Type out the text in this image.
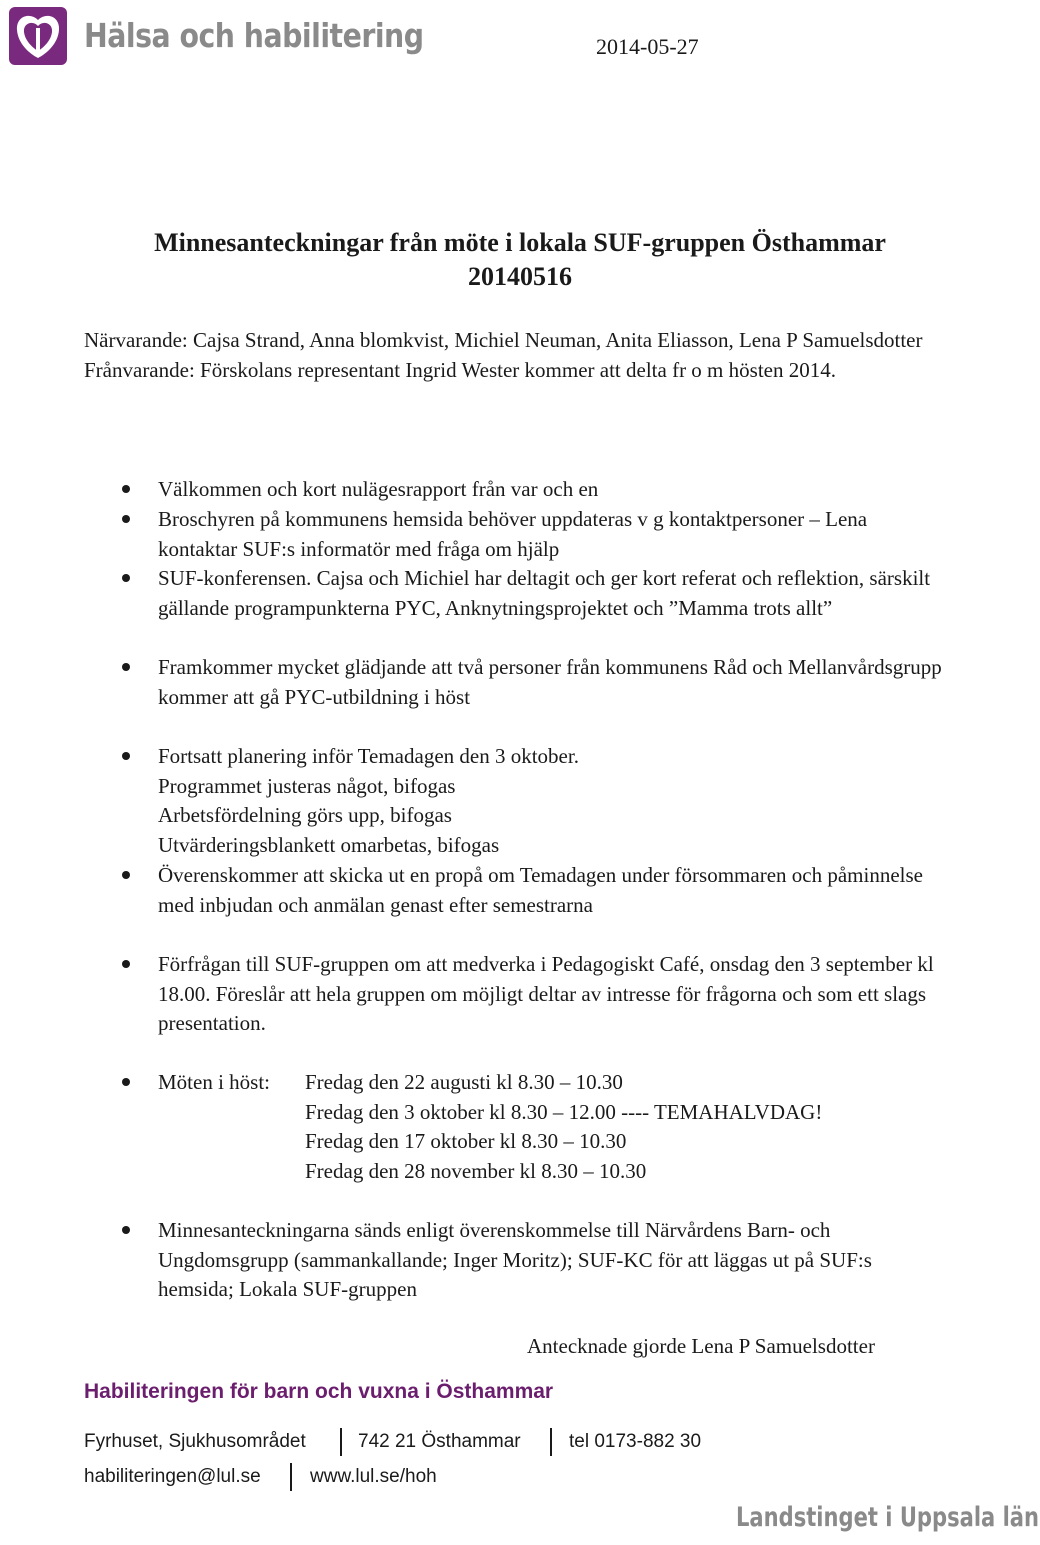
Hälsa och habilitering	2014-05-27
Minnesanteckningar från möte i lokala SUF-gruppen Östhammar
20140516

Närvarande: Cajsa Strand, Anna blomkvist, Michiel Neuman, Anita Eliasson, Lena P Samuelsdotter

Frånvarande: Förskolans representant Ingrid Wester kommer att delta fr o m hösten 2014.

Välkommen och kort nulägesrapport från var och en

Broschyren på kommunens hemsida behöver uppdateras v g kontaktpersoner – Lena kontaktar SUF:s informatör med fråga om hjälp

SUF-konferensen. Cajsa och Michiel har deltagit och ger kort referat och reflektion, särskilt gällande programpunkterna PYC, Anknytningsprojektet och ”Mamma trots allt”

Framkommer mycket glädjande att två personer från kommunens Råd och Mellanvårdsgrupp kommer att gå PYC-utbildning i höst

Fortsatt planering inför Temadagen den 3 oktober.

Programmet justeras något, bifogas

Arbetsfördelning görs upp, bifogas

Utvärderingsblankett omarbetas, bifogas

Överenskommer att skicka ut en propå om Temadagen under försommaren och påminnelse med inbjudan och anmälan genast efter semestrarna

Förfrågan till SUF-gruppen om att medverka i Pedagogiskt Café, onsdag den 3 september kl 18.00. Föreslår att hela gruppen om möjligt deltar av intresse för frågorna och som ett slags presentation.

Möten i höst: Fredag den 22 augusti kl 8.30 – 10.30
Fredag den 3 oktober kl 8.30 – 12.00 ---- TEMAHALVDAG!
Fredag den 17 oktober kl 8.30 – 10.30
Fredag den 28 november kl 8.30 – 10.30

Minnesanteckningarna sänds enligt överenskommelse till Närvårdens Barn- och Ungdomsgrupp (sammankallande; Inger Moritz); SUF-KC för att läggas ut på SUF:s hemsida; Lokala SUF-gruppen

Antecknade gjorde Lena P Samuelsdotter
Habiliteringen för barn och vuxna i Östhammar
Fyrhuset, Sjukhusområdet	742 21 Östhammar	tel 0173-882 30
habiliteringen@lul.se	www.lul.se/hoh
Landstinget i Uppsala län
